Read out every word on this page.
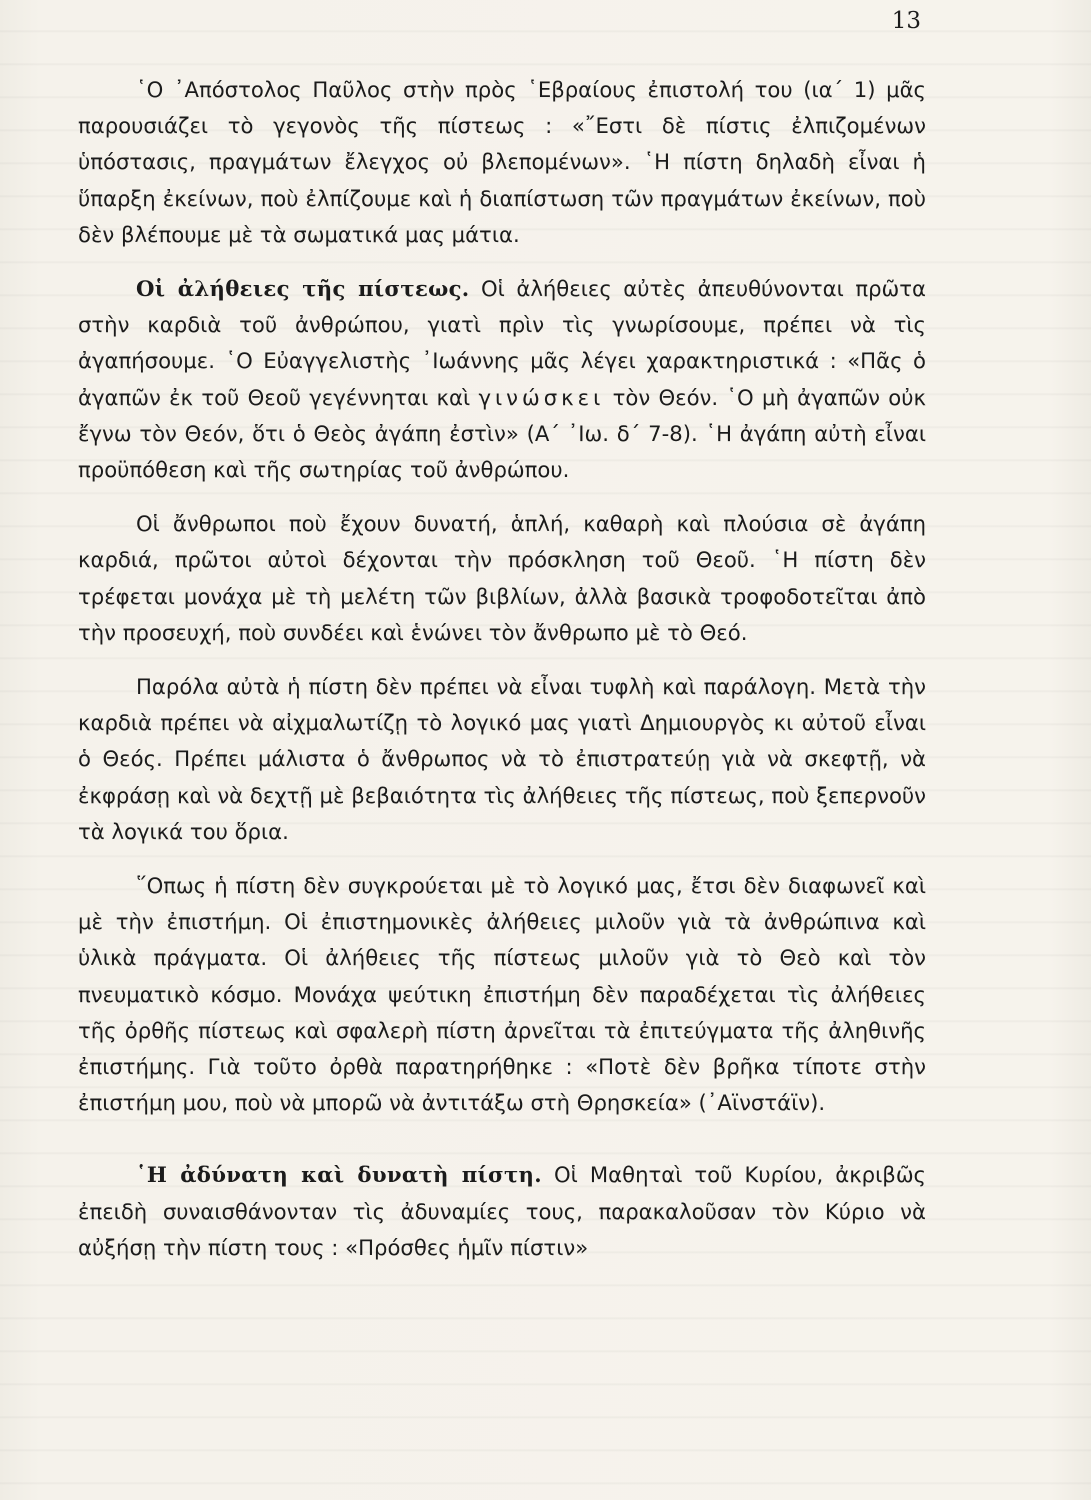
13

῾Ο ᾽Απόστολος Παῦλος στὴν πρὸς ῾Εβραίους ἐπιστολή του (ια΄ 1) μᾶς παρουσιάζει τὸ γεγονὸς τῆς πίστεως : «῎Εστι δὲ πίστις ἐλπιζομένων ὑπόστασις, πραγμάτων ἔλεγχος οὐ βλεπομένων». ῾Η πίστη δηλαδὴ εἶναι ἡ ὕπαρξη ἐκείνων, ποὺ ἐλπίζουμε καὶ ἡ διαπίστωση τῶν πραγμάτων ἐκείνων, ποὺ δὲν βλέπουμε μὲ τὰ σωματικά μας μάτια.

Οἱ ἀλήθειες τῆς πίστεως. Οἱ ἀλήθειες αὐτὲς ἀπευθύνονται πρῶτα στὴν καρδιὰ τοῦ ἀνθρώπου, γιατὶ πρὶν τὶς γνωρίσουμε, πρέπει νὰ τὶς ἀγαπήσουμε. ῾Ο Εὐαγγελιστὴς ᾽Ιωάννης μᾶς λέγει χαρακτηριστικά : «Πᾶς ὁ ἀγαπῶν ἐκ τοῦ Θεοῦ γεγέννηται καὶ γινώσκει τὸν Θεόν. ῾Ο μὴ ἀγαπῶν οὐκ ἔγνω τὸν Θεόν, ὅτι ὁ Θεὸς ἀγάπη ἐστὶν» (Α΄ ᾽Ιω. δ΄ 7-8). ῾Η ἀγάπη αὐτὴ εἶναι προϋπόθεση καὶ τῆς σωτηρίας τοῦ ἀνθρώπου.

Οἱ ἄνθρωποι ποὺ ἔχουν δυνατή, ἁπλή, καθαρὴ καὶ πλούσια σὲ ἀγάπη καρδιά, πρῶτοι αὐτοὶ δέχονται τὴν πρόσκληση τοῦ Θεοῦ. ῾Η πίστη δὲν τρέφεται μονάχα μὲ τὴ μελέτη τῶν βιβλίων, ἀλλὰ βασικὰ τροφοδοτεῖται ἀπὸ τὴν προσευχή, ποὺ συνδέει καὶ ἑνώνει τὸν ἄνθρωπο μὲ τὸ Θεό.

Παρόλα αὐτὰ ἡ πίστη δὲν πρέπει νὰ εἶναι τυφλὴ καὶ παράλογη. Μετὰ τὴν καρδιὰ πρέπει νὰ αἰχμαλωτίζῃ τὸ λογικό μας γιατὶ Δημιουργὸς κι αὐτοῦ εἶναι ὁ Θεός. Πρέπει μάλιστα ὁ ἄνθρωπος νὰ τὸ ἐπιστρατεύῃ γιὰ νὰ σκεφτῇ, νὰ ἐκφράσῃ καὶ νὰ δεχτῇ μὲ βεβαιότητα τὶς ἀλήθειες τῆς πίστεως, ποὺ ξεπερνοῦν τὰ λογικά του ὅρια.

῞Οπως ἡ πίστη δὲν συγκρούεται μὲ τὸ λογικό μας, ἔτσι δὲν διαφωνεῖ καὶ μὲ τὴν ἐπιστήμη. Οἱ ἐπιστημονικὲς ἀλήθειες μιλοῦν γιὰ τὰ ἀνθρώπινα καὶ ὑλικὰ πράγματα. Οἱ ἀλήθειες τῆς πίστεως μιλοῦν γιὰ τὸ Θεὸ καὶ τὸν πνευματικὸ κόσμο. Μονάχα ψεύτικη ἐπιστήμη δὲν παραδέχεται τὶς ἀλήθειες τῆς ὀρθῆς πίστεως καὶ σφαλερὴ πίστη ἀρνεῖται τὰ ἐπιτεύγματα τῆς ἀληθινῆς ἐπιστήμης. Γιὰ τοῦτο ὀρθὰ παρατηρήθηκε : «Ποτὲ δὲν βρῆκα τίποτε στὴν ἐπιστήμη μου, ποὺ νὰ μπορῶ νὰ ἀντιτάξω στὴ Θρησκεία» (᾽Αϊνστάϊν).

῾Η ἀδύνατη καὶ δυνατὴ πίστη. Οἱ Μαθηταὶ τοῦ Κυρίου, ἀκριβῶς ἐπειδὴ συναισθάνονταν τὶς ἀδυναμίες τους, παρακαλοῦσαν τὸν Κύριο νὰ αὐξήσῃ τὴν πίστη τους : «Πρόσθες ἡμῖν πίστιν»
